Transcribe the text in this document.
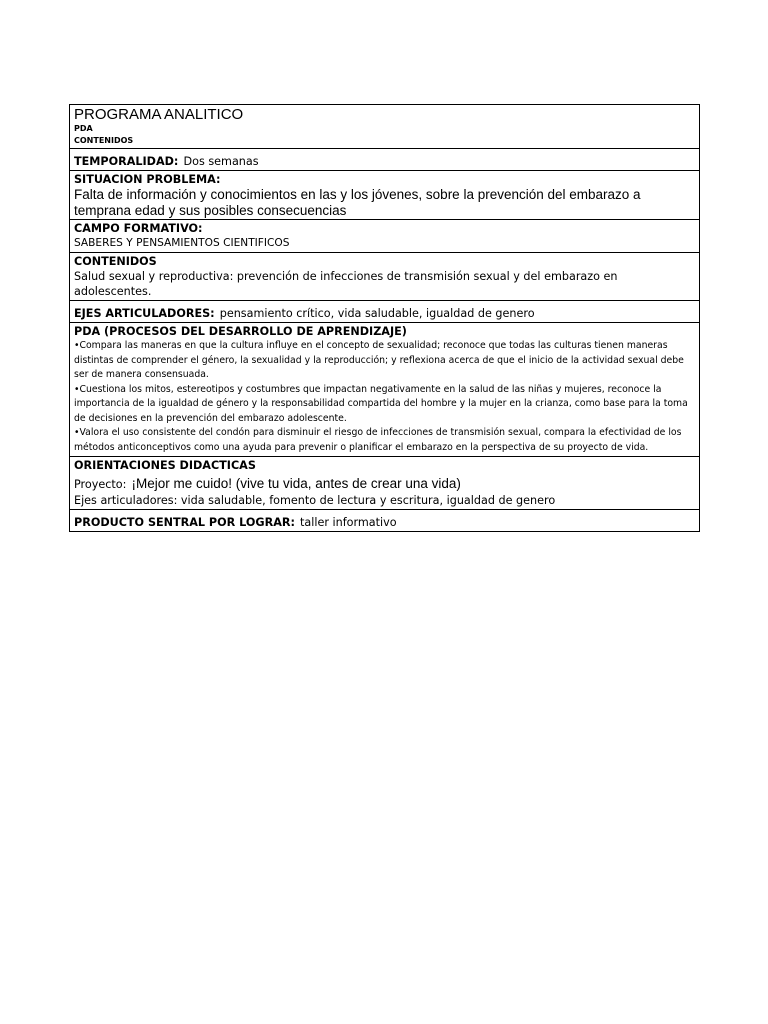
PROGRAMA ANALITICO
PDA
CONTENIDOS

TEMPORALIDAD: Dos semanas

SITUACION PROBLEMA:
Falta de información y conocimientos en las y los jóvenes, sobre la prevención del embarazo a temprana edad y sus posibles consecuencias

CAMPO FORMATIVO:
SABERES Y PENSAMIENTOS CIENTIFICOS

CONTENIDOS
Salud sexual y reproductiva: prevención de infecciones de transmisión sexual y del embarazo en adolescentes.

EJES ARTICULADORES: pensamiento crítico, vida saludable, igualdad de genero

PDA (PROCESOS DEL DESARROLLO DE APRENDIZAJE)
•Compara las maneras en que la cultura influye en el concepto de sexualidad; reconoce que todas las culturas tienen maneras distintas de comprender el género, la sexualidad y la reproducción; y reflexiona acerca de que el inicio de la actividad sexual debe ser de manera consensuada.
•Cuestiona los mitos, estereotipos y costumbres que impactan negativamente en la salud de las niñas y mujeres, reconoce la importancia de la igualdad de género y la responsabilidad compartida del hombre y la mujer en la crianza, como base para la toma de decisiones en la prevención del embarazo adolescente.
•Valora el uso consistente del condón para disminuir el riesgo de infecciones de transmisión sexual, compara la efectividad de los métodos anticonceptivos como una ayuda para prevenir o planificar el embarazo en la perspectiva de su proyecto de vida.

ORIENTACIONES DIDACTICAS
Proyecto: ¡Mejor me cuido! (vive tu vida, antes de crear una vida)
Ejes articuladores: vida saludable, fomento de lectura y escritura, igualdad de genero

PRODUCTO SENTRAL POR LOGRAR: taller informativo
